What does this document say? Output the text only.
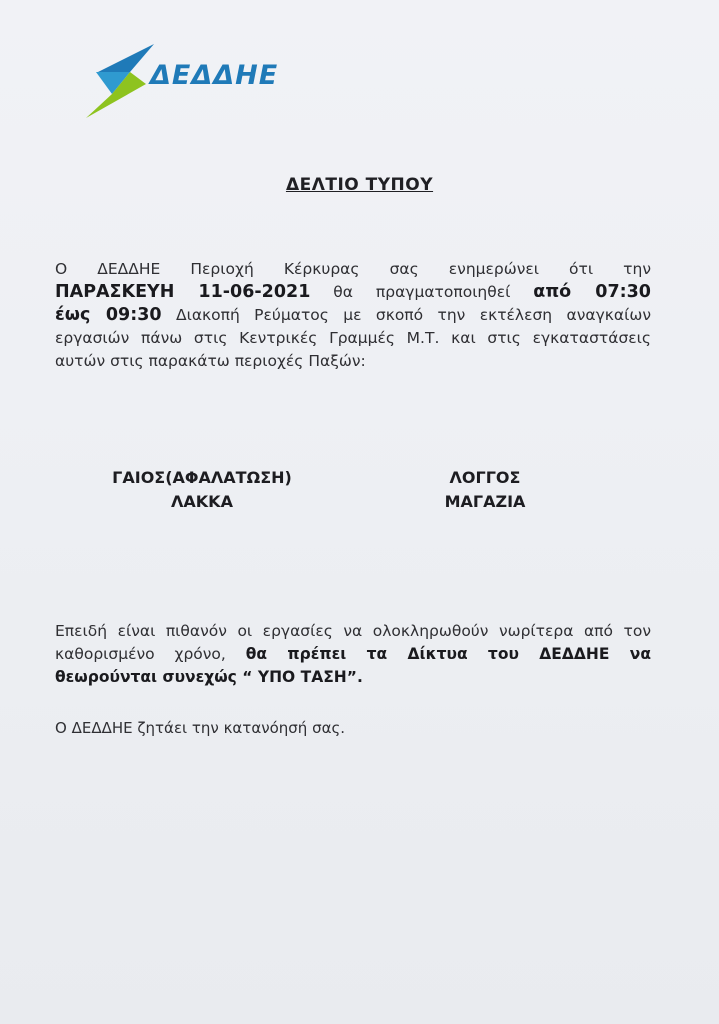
ΔΕΔΔΗΕ
ΔΕΛΤΙΟ ΤΥΠΟΥ
Ο ΔΕΔΔΗΕ Περιοχή Κέρκυρας σας ενημερώνει ότι την
ΠΑΡΑΣΚΕΥΗ 11-06-2021 θα πραγματοποιηθεί από 07:30
έως 09:30 Διακοπή Ρεύματος με σκοπό την εκτέλεση αναγκαίων
εργασιών πάνω στις Κεντρικές Γραμμές Μ.Τ. και στις εγκαταστάσεις
αυτών στις παρακάτω περιοχές Παξών:
ΓΑΙΟΣ(ΑΦΑΛΑΤΩΣΗ)
ΛΑΚΚΑ
ΛΟΓΓΟΣ
ΜΑΓΑΖΙΑ
Επειδή είναι πιθανόν οι εργασίες να ολοκληρωθούν νωρίτερα από τον
καθορισμένο χρόνο, θα πρέπει τα Δίκτυα του ΔΕΔΔΗΕ να
θεωρούνται συνεχώς “ ΥΠΟ ΤΑΣΗ”.
Ο ΔΕΔΔΗΕ ζητάει την κατανόησή σας.
